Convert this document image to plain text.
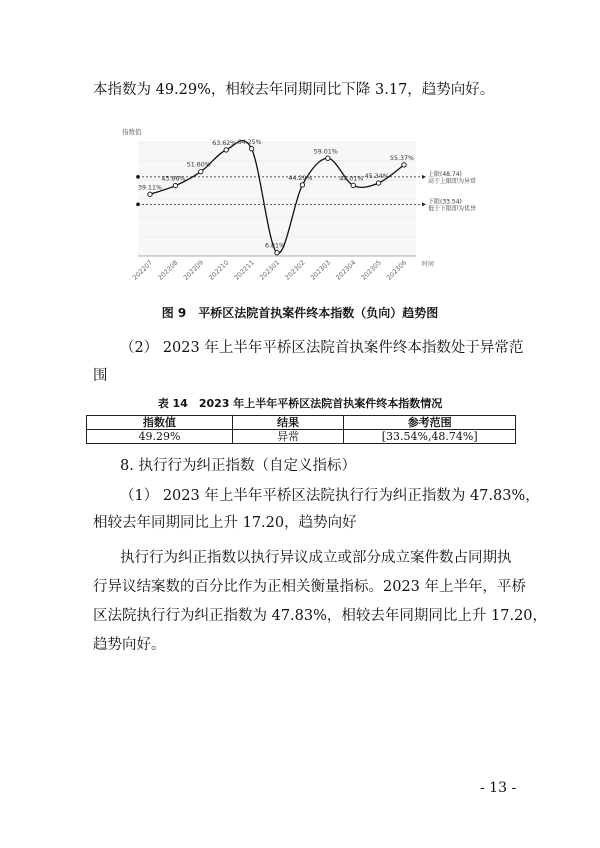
本指数为 49.29%，相较去年同期同比下降 3.17，趋势向好。
上限(48.74)
高于上限即为异常
下限(33.54)
低于下限即为优异
39.11%
43.86%
51.60%
63.62% 64.25%
6.81%
44.29%
59.01%
44.01% 45.34%
55.37%
指数值
时间
202207 202208 202209 202210 202211 202301 202302 202303 202304 202305 202306
图 9　平桥区法院首执案件终本指数（负向）趋势图
（2） 2023 年上半年平桥区法院首执案件终本指数处于异常范
围
表 14　2023 年上半年平桥区法院首执案件终本指数情况
指数值	结果	参考范围
49.29%	异常	[33.54%,48.74%]
8. 执行行为纠正指数（自定义指标）
（1） 2023 年上半年平桥区法院执行行为纠正指数为 47.83%，
相较去年同期同比上升 17.20，趋势向好
执行行为纠正指数以执行异议成立或部分成立案件数占同期执
行异议结案数的百分比作为正相关衡量指标。2023 年上半年，平桥
区法院执行行为纠正指数为 47.83%，相较去年同期同比上升 17.20，
趋势向好。
- 13 -
